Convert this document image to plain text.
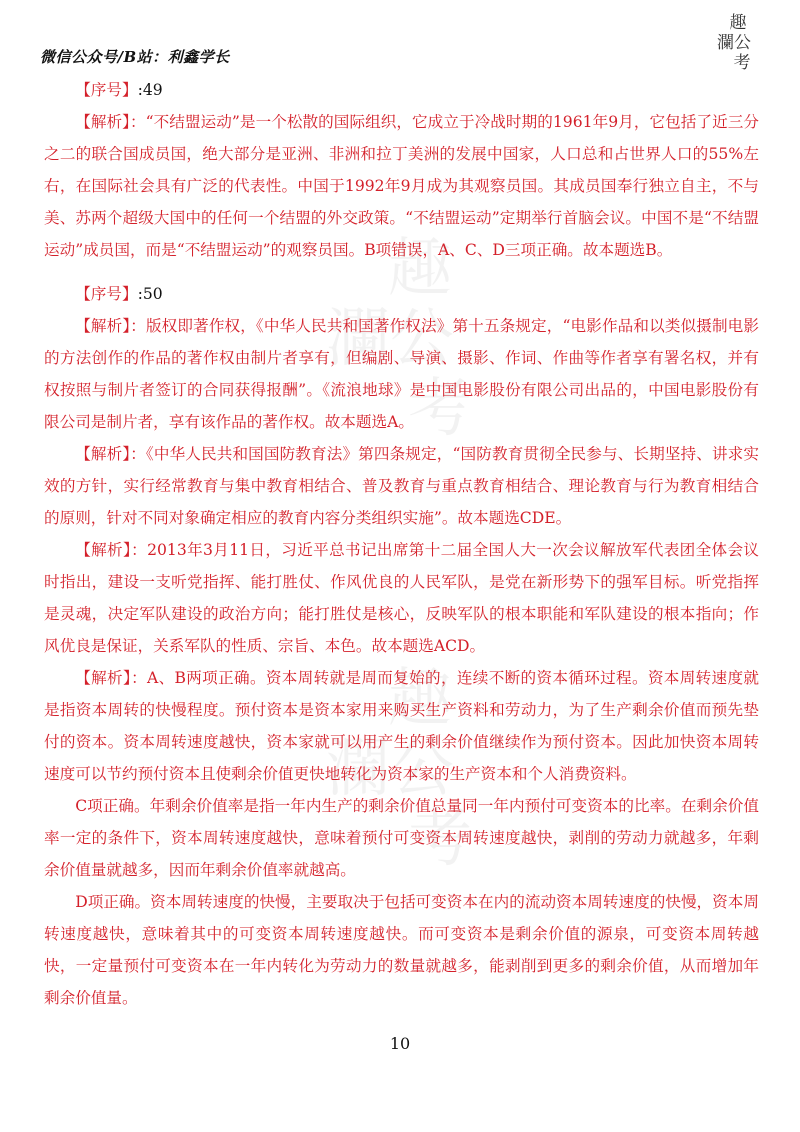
微信公众号/B站：利鑫学长
趣
瀾公
考
趣
瀾公
考
趣
瀾公
考

【序号】:49

【解析】：“不结盟运动”是一个松散的国际组织，它成立于冷战时期的1961年9月，它包括了近三分之二的联合国成员国，绝大部分是亚洲、非洲和拉丁美洲的发展中国家，人口总和占世界人口的55%左右，在国际社会具有广泛的代表性。中国于1992年9月成为其观察员国。其成员国奉行独立自主，不与美、苏两个超级大国中的任何一个结盟的外交政策。“不结盟运动”定期举行首脑会议。中国不是“不结盟运动”成员国，而是“不结盟运动”的观察员国。B项错误，A、C、D三项正确。故本题选B。

【序号】:50

【解析】：版权即著作权，《中华人民共和国著作权法》第十五条规定，“电影作品和以类似摄制电影的方法创作的作品的著作权由制片者享有，但编剧、导演、摄影、作词、作曲等作者享有署名权，并有权按照与制片者签订的合同获得报酬”。《流浪地球》是中国电影股份有限公司出品的，中国电影股份有限公司是制片者，享有该作品的著作权。故本题选A。

【解析】：《中华人民共和国国防教育法》第四条规定，“国防教育贯彻全民参与、长期坚持、讲求实效的方针，实行经常教育与集中教育相结合、普及教育与重点教育相结合、理论教育与行为教育相结合的原则，针对不同对象确定相应的教育内容分类组织实施”。故本题选CDE。

【解析】：2013年3月11日，习近平总书记出席第十二届全国人大一次会议解放军代表团全体会议时指出，建设一支听党指挥、能打胜仗、作风优良的人民军队，是党在新形势下的强军目标。听党指挥是灵魂，决定军队建设的政治方向；能打胜仗是核心，反映军队的根本职能和军队建设的根本指向；作风优良是保证，关系军队的性质、宗旨、本色。故本题选ACD。

【解析】：A、B两项正确。资本周转就是周而复始的，连续不断的资本循环过程。资本周转速度就是指资本周转的快慢程度。预付资本是资本家用来购买生产资料和劳动力，为了生产剩余价值而预先垫付的资本。资本周转速度越快，资本家就可以用产生的剩余价值继续作为预付资本。因此加快资本周转速度可以节约预付资本且使剩余价值更快地转化为资本家的生产资本和个人消费资料。

C项正确。年剩余价值率是指一年内生产的剩余价值总量同一年内预付可变资本的比率。在剩余价值率一定的条件下，资本周转速度越快，意味着预付可变资本周转速度越快，剥削的劳动力就越多，年剩余价值量就越多，因而年剩余价值率就越高。

D项正确。资本周转速度的快慢，主要取决于包括可变资本在内的流动资本周转速度的快慢，资本周转速度越快，意味着其中的可变资本周转速度越快。而可变资本是剩余价值的源泉，可变资本周转越快，一定量预付可变资本在一年内转化为劳动力的数量就越多，能剥削到更多的剩余价值，从而增加年剩余价值量。

10
